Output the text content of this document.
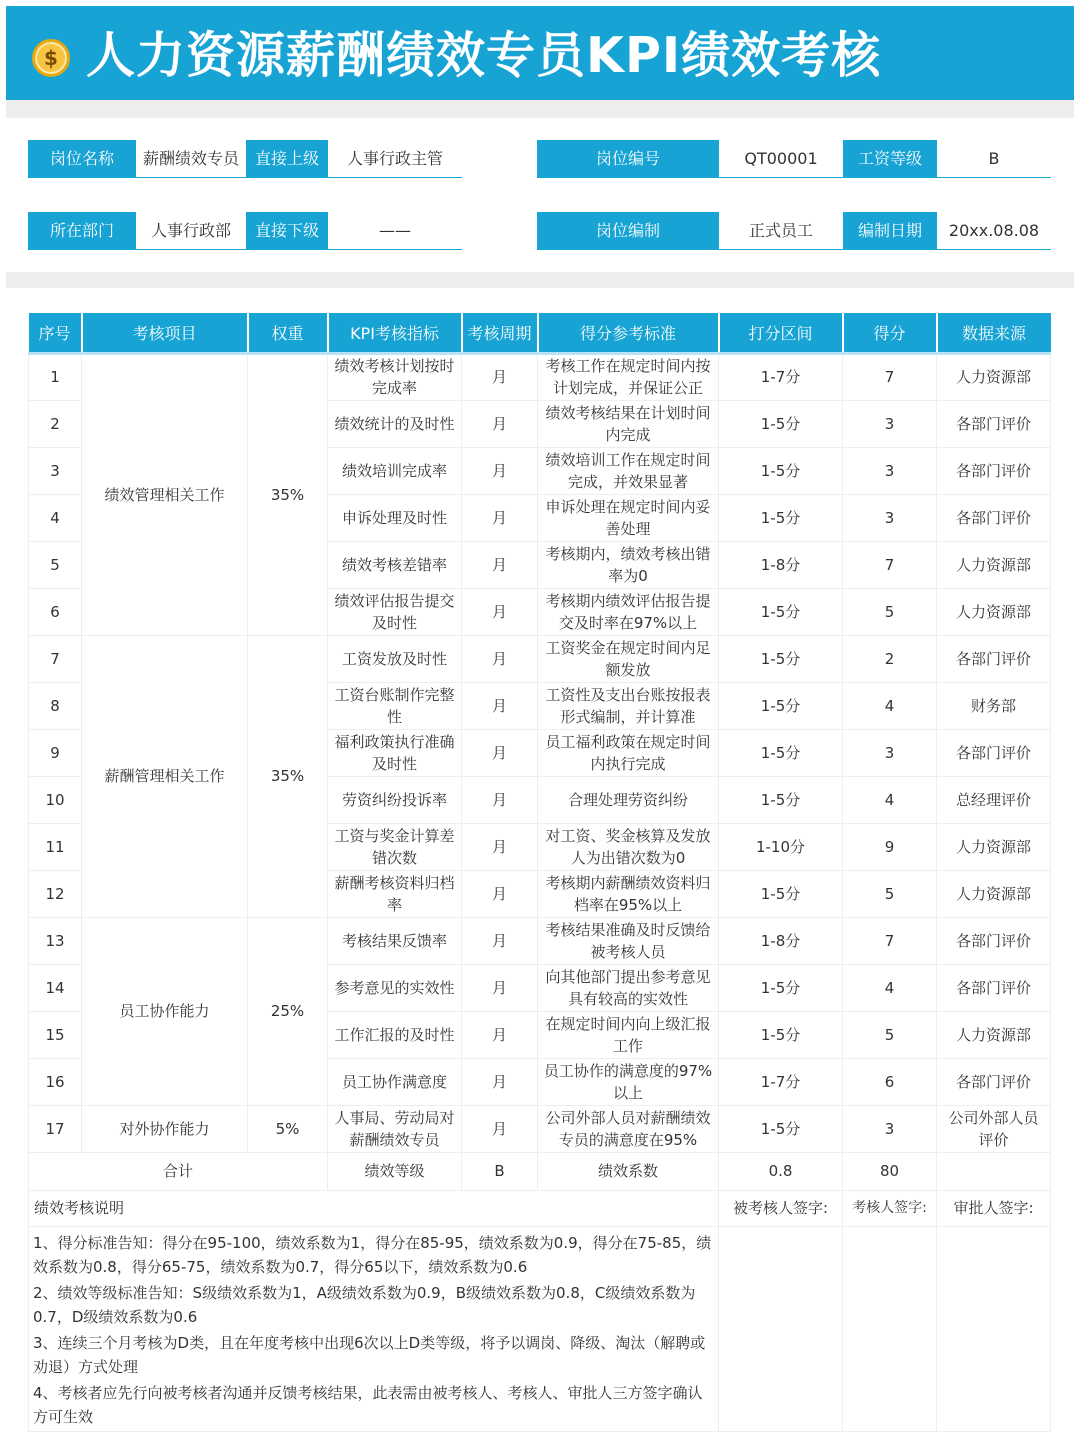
$ 人力资源薪酬绩效专员KPI绩效考核
岗位名称	薪酬绩效专员 直接上级	人事行政主管	岗位编号	QT00001	工资等级	B
所在部门	人事行政部	直接下级	——	岗位编制	正式员工	编制日期	20xx.08.08
序号	考核项目	权重	KPI考核指标	考核周期	得分参考标准	打分区间	得分	数据来源
1	绩效管理相关工作	35%	绩效考核计划按时完成率	月	考核工作在规定时间内按计划完成，并保证公正	1-7分	7	人力资源部
2			绩效统计的及时性	月	绩效考核结果在计划时间内完成	1-5分	3	各部门评价
3			绩效培训完成率	月	绩效培训工作在规定时间完成，并效果显著	1-5分	3	各部门评价
4			申诉处理及时性	月	申诉处理在规定时间内妥善处理	1-5分	3	各部门评价
5			绩效考核差错率	月	考核期内，绩效考核出错率为0	1-8分	7	人力资源部
6			绩效评估报告提交及时性	月	考核期内绩效评估报告提交及时率在97%以上	1-5分	5	人力资源部
7	薪酬管理相关工作	35%	工资发放及时性	月	工资奖金在规定时间内足额发放	1-5分	2	各部门评价
8			工资台账制作完整性	月	工资性及支出台账按报表形式编制，并计算准	1-5分	4	财务部
9			福利政策执行准确及时性	月	员工福利政策在规定时间内执行完成	1-5分	3	各部门评价
10			劳资纠纷投诉率	月	合理处理劳资纠纷	1-5分	4	总经理评价
11			工资与奖金计算差错次数	月	对工资、奖金核算及发放人为出错次数为0	1-10分	9	人力资源部
12			薪酬考核资料归档率	月	考核期内薪酬绩效资料归档率在95%以上	1-5分	5	人力资源部
13	员工协作能力	25%	考核结果反馈率	月	考核结果准确及时反馈给被考核人员	1-8分	7	各部门评价
14			参考意见的实效性	月	向其他部门提出参考意见具有较高的实效性	1-5分	4	各部门评价
15			工作汇报的及时性	月	在规定时间内向上级汇报工作	1-5分	5	人力资源部
16			员工协作满意度	月	员工协作的满意度的97%以上	1-7分	6	各部门评价
17	对外协作能力	5%	人事局、劳动局对薪酬绩效专员	月	公司外部人员对薪酬绩效专员的满意度在95%	1-5分	3	公司外部人员评价
合计			绩效等级	B	绩效系数	0.8	80	
绩效考核说明						被考核人签字:	考核人签字:	审批人签字:

1、得分标准告知：得分在95-100，绩效系数为1，得分在85-95，绩效系数为0.9，得分在75-85，绩效系数为0.8，得分65-75，绩效系数为0.7，得分65以下，绩效系数为0.6
2、绩效等级标准告知：S级绩效系数为1，A级绩效系数为0.9，B级绩效系数为0.8，C级绩效系数为0.7，D级绩效系数为0.6
3、连续三个月考核为D类，且在年度考核中出现6次以上D类等级，将予以调岗、降级、淘汰（解聘或劝退）方式处理
4、考核者应先行向被考核者沟通并反馈考核结果，此表需由被考核人、考核人、审批人三方签字确认方可生效								
